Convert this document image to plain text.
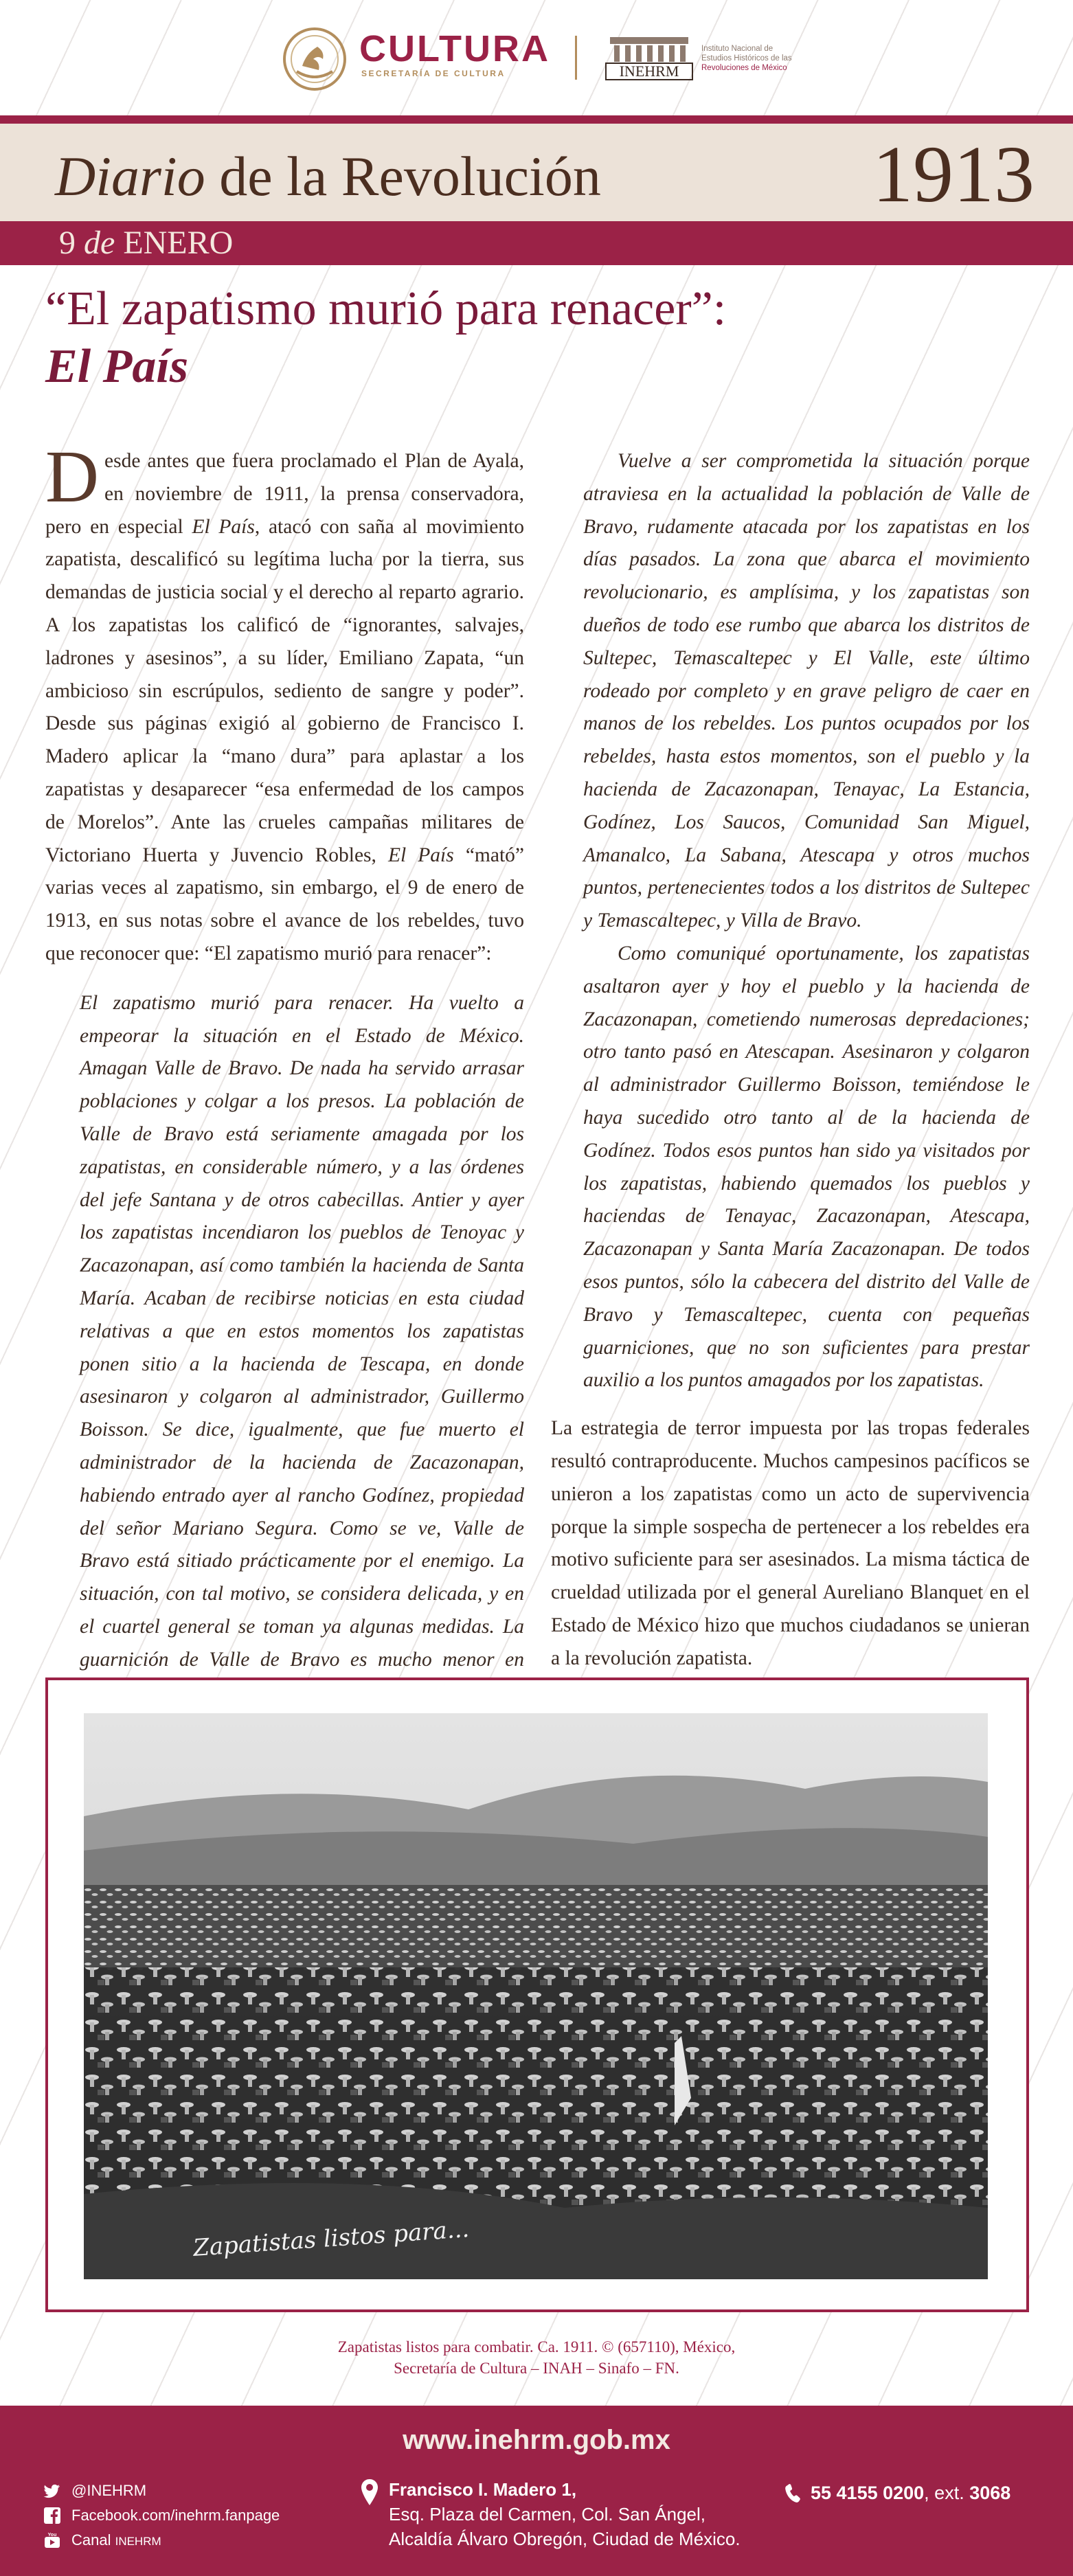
CULTURA
SECRETARÍA DE CULTURA	INEHRM
Instituto Nacional de
Estudios Históricos de las
Revoluciones de México
Diario de la Revolución	1913
9 de ENERO
“El zapatismo murió para renacer”:
El País

Desde antes que fuera proclamado el Plan de Ayala, en noviembre de 1911, la prensa conservadora, pero en especial El País, atacó con saña al movimiento zapatista, descalificó su legítima lucha por la tierra, sus demandas de justicia social y el derecho al reparto agrario. A los zapatistas los calificó de “ignorantes, salvajes, ladrones y asesinos”, a su líder, Emiliano Zapata, “un ambicioso sin escrúpulos, sediento de sangre y poder”. Desde sus páginas exigió al gobierno de Francisco I. Madero aplicar la “mano dura” para aplastar a los zapatistas y desaparecer “esa enfermedad de los campos de Morelos”. Ante las crueles campañas militares de Victoriano Huerta y Juvencio Robles, El País “mató” varias veces al zapatismo, sin embargo, el 9 de enero de 1913, en sus notas sobre el avance de los rebeldes, tuvo que reconocer que: “El zapatismo murió para renacer”:

El zapatismo murió para renacer. Ha vuelto a empeorar la situación en el Estado de México. Amagan Valle de Bravo. De nada ha servido arrasar poblaciones y colgar a los presos. La población de Valle de Bravo está seriamente amagada por los zapatistas, en considerable número, y a las órdenes del jefe Santana y de otros cabecillas. Antier y ayer los zapatistas incendiaron los pueblos de Tenoyac y Zacazonapan, así como también la hacienda de Santa María. Acaban de recibirse noticias en esta ciudad relativas a que en estos momentos los zapatistas ponen sitio a la hacienda de Tescapa, en donde asesinaron y colgaron al administrador, Guillermo Boisson. Se dice, igualmente, que fue muerto el administrador de la hacienda de Zacazonapan, habiendo entrado ayer al rancho Godínez, propiedad del señor Mariano Segura. Como se ve, Valle de Bravo está sitiado prácticamente por el enemigo. La situación, con tal motivo, se considera delicada, y en el cuartel general se toman ya algunas medidas. La guarnición de Valle de Bravo es mucho menor en

Vuelve a ser comprometida la situación porque atraviesa en la actualidad la población de Valle de Bravo, rudamente atacada por los zapatistas en los días pasados. La zona que abarca el movimiento revolucionario, es amplísima, y los zapatistas son dueños de todo ese rumbo que abarca los distritos de Sultepec, Temascaltepec y El Valle, este último rodeado por completo y en grave peligro de caer en manos de los rebeldes. Los puntos ocupados por los rebeldes, hasta estos momentos, son el pueblo y la hacienda de Zacazonapan, Tenayac, La Estancia, Godínez, Los Saucos, Comunidad San Miguel, Amanalco, La Sabana, Atescapa y otros muchos puntos, pertenecientes todos a los distritos de Sultepec y Temascaltepec, y Villa de Bravo.

Como comuniqué oportunamente, los zapatistas asaltaron ayer y hoy el pueblo y la hacienda de Zacazonapan, cometiendo numerosas depredaciones; otro tanto pasó en Atescapan. Asesinaron y colgaron al administrador Guillermo Boisson, temiéndose le haya sucedido otro tanto al de la hacienda de Godínez. Todos esos puntos han sido ya visitados por los zapatistas, habiendo quemados los pueblos y haciendas de Tenayac, Zacazonapan, Atescapa, Zacazonapan y Santa María Zacazonapan. De todos esos puntos, sólo la cabecera del distrito del Valle de Bravo y Temascaltepec, cuenta con pequeñas guarniciones, que no son suficientes para prestar auxilio a los puntos amagados por los zapatistas.

La estrategia de terror impuesta por las tropas federales resultó contraproducente. Muchos campesinos pacíficos se unieron a los zapatistas como un acto de supervivencia porque la simple sospecha de pertenecer a los rebeldes era motivo suficiente para ser asesinados. La misma táctica de crueldad utilizada por el general Aureliano Blanquet en el Estado de México hizo que muchos ciudadanos se unieran a la revolución zapatista.

Zapatistas listos para...
Zapatistas listos para combatir. Ca. 1911. © (657110), México,
Secretaría de Cultura – INAH – Sinafo – FN.
www.inehrm.gob.mx
@INEHRM
Facebook.com/inehrm.fanpage
You Canal INEHRM
Francisco I. Madero 1,
Esq. Plaza del Carmen, Col. San Ángel,
Alcaldía Álvaro Obregón, Ciudad de México.
55 4155 0200, ext. 3068
